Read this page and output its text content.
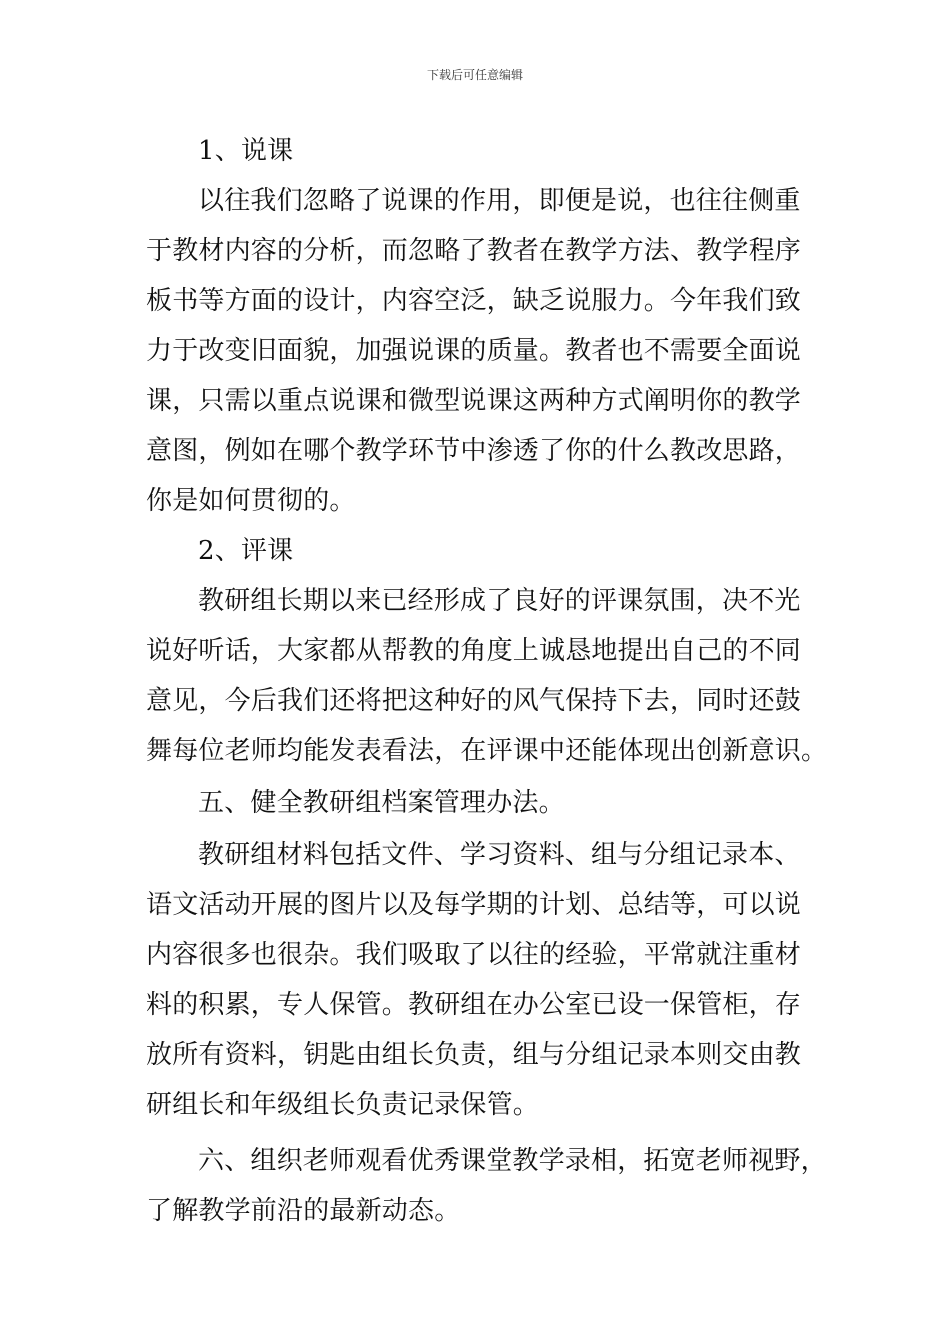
下载后可任意编辑
1、说课
以往我们忽略了说课的作用，即便是说，也往往侧重
于教材内容的分析，而忽略了教者在教学方法、教学程序
板书等方面的设计，内容空泛，缺乏说服力。今年我们致
力于改变旧面貌，加强说课的质量。教者也不需要全面说
课，只需以重点说课和微型说课这两种方式阐明你的教学
意图，例如在哪个教学环节中渗透了你的什么教改思路，
你是如何贯彻的。
2、评课
教研组长期以来已经形成了良好的评课氛围，决不光
说好听话，大家都从帮教的角度上诚恳地提出自己的不同
意见，今后我们还将把这种好的风气保持下去，同时还鼓
舞每位老师均能发表看法，在评课中还能体现出创新意识。
五、健全教研组档案管理办法。
教研组材料包括文件、学习资料、组与分组记录本、
语文活动开展的图片以及每学期的计划、总结等，可以说
内容很多也很杂。我们吸取了以往的经验，平常就注重材
料的积累，专人保管。教研组在办公室已设一保管柜，存
放所有资料，钥匙由组长负责，组与分组记录本则交由教
研组长和年级组长负责记录保管。
六、组织老师观看优秀课堂教学录相，拓宽老师视野，
了解教学前沿的最新动态。
